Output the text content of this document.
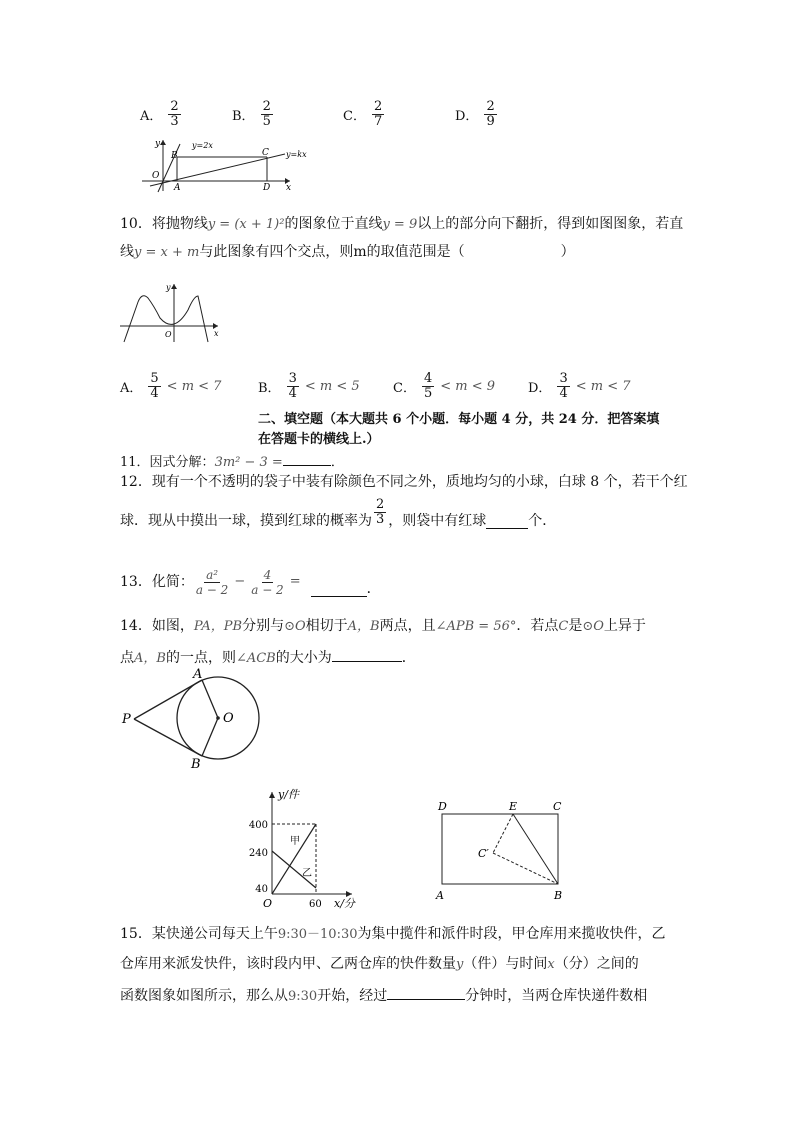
A． $\frac{2}{3}$	B． $\frac{2}{5}$	C． $\frac{2}{7}$	D． $\frac{2}{9}$
y
x
O
A
B	C
D
y=2x
y=kx
10．将抛物线y = (x + 1)²的图象位于直线y = 9以上的部分向下翻折，得到如图图象，若直
线y = x + m与此图象有四个交点，则m的取值范围是（	）
y
x
O
A． $\frac{5}{4} < m < 7$	B． $\frac{3}{4} < m < 5$	C． $\frac{4}{5} < m < 9$	D． $\frac{3}{4} < m < 7$
二、填空题（本大题共 6 个小题．每小题 4 分，共 24 分．把答案填
在答题卡的横线上.）
11．因式分解：3m² − 3 =	．
12．现有一个不透明的袋子中装有除颜色不同之外，质地均匀的小球，白球 8 个，若干个红
球．现从中摸出一球，摸到红球的概率为 $\frac{2}{3}$ ，则袋中有红球	个．
13． 化简： $\frac{\text{a²}}{a - 2} - \frac{4}{a - 2}$ =	．
14．如图，PA，PB分别与⊙O相切于A，B两点，且∠APB = 56°．若点C是⊙O上异于
点A，B的一点，则∠ACB的大小为	．
P
A
B
O
y/件
x/分
O
400
240
40
60
甲
乙
D	E	C
A	B
C′
15．某快递公司每天上午9:30－10:30为集中揽件和派件时段，甲仓库用来揽收快件，乙
仓库用来派发快件，该时段内甲、乙两仓库的快件数量y（件）与时间x（分）之间的
函数图象如图所示，那么从9:30开始，经过	分钟时，当两仓库快递件数相
